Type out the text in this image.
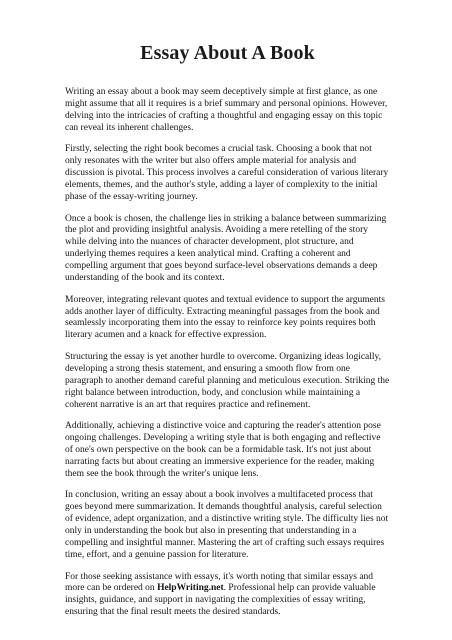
Essay About A Book

Writing an essay about a book may seem deceptively simple at first glance, as one might assume that all it requires is a brief summary and personal opinions. However, delving into the intricacies of crafting a thoughtful and engaging essay on this topic can reveal its inherent challenges.

Firstly, selecting the right book becomes a crucial task. Choosing a book that not only resonates with the writer but also offers ample material for analysis and discussion is pivotal. This process involves a careful consideration of various literary elements, themes, and the author's style, adding a layer of complexity to the initial phase of the essay-writing journey.

Once a book is chosen, the challenge lies in striking a balance between summarizing the plot and providing insightful analysis. Avoiding a mere retelling of the story while delving into the nuances of character development, plot structure, and underlying themes requires a keen analytical mind. Crafting a coherent and compelling argument that goes beyond surface-level observations demands a deep understanding of the book and its context.

Moreover, integrating relevant quotes and textual evidence to support the arguments adds another layer of difficulty. Extracting meaningful passages from the book and seamlessly incorporating them into the essay to reinforce key points requires both literary acumen and a knack for effective expression.

Structuring the essay is yet another hurdle to overcome. Organizing ideas logically, developing a strong thesis statement, and ensuring a smooth flow from one paragraph to another demand careful planning and meticulous execution. Striking the right balance between introduction, body, and conclusion while maintaining a coherent narrative is an art that requires practice and refinement.

Additionally, achieving a distinctive voice and capturing the reader's attention pose ongoing challenges. Developing a writing style that is both engaging and reflective of one's own perspective on the book can be a formidable task. It's not just about narrating facts but about creating an immersive experience for the reader, making them see the book through the writer's unique lens.

In conclusion, writing an essay about a book involves a multifaceted process that goes beyond mere summarization. It demands thoughtful analysis, careful selection of evidence, adept organization, and a distinctive writing style. The difficulty lies not only in understanding the book but also in presenting that understanding in a compelling and insightful manner. Mastering the art of crafting such essays requires time, effort, and a genuine passion for literature.

For those seeking assistance with essays, it's worth noting that similar essays and more can be ordered on HelpWriting.net. Professional help can provide valuable insights, guidance, and support in navigating the complexities of essay writing, ensuring that the final result meets the desired standards.
